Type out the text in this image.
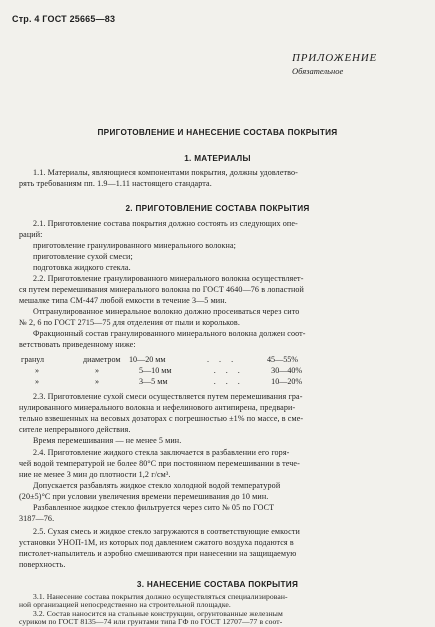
Стр. 4 ГОСТ 25665—83
ПРИЛОЖЕНИЕ
Обязательное
ПРИГОТОВЛЕНИЕ И НАНЕСЕНИЕ СОСТАВА ПОКРЫТИЯ
1. МАТЕРИАЛЫ
1.1. Материалы, являющиеся компонентами покрытия, должны удовлетво-
рять требованиям пп. 1.9—1.11 настоящего стандарта.
2. ПРИГОТОВЛЕНИЕ СОСТАВА ПОКРЫТИЯ
2.1. Приготовление состава покрытия должно состоять из следующих опе-
раций:
приготовление гранулированного минерального волокна;
приготовление сухой смеси;
подготовка жидкого стекла.
2.2. Приготовление гранулированного минерального волокна осуществляет-
ся путем перемешивания минерального волокна по ГОСТ 4640—76 в лопастной
мешалке типа СМ-447 любой емкости в течение 3—5 мин.
Отгранулированное минеральное волокно должно просеиваться через сито
№ 2, 6 по ГОСТ 2715—75 для отделения от пыли и корольков.
Фракционный состав гранулированного минерального волокна должен соот-
ветствовать приведенному ниже:
гранул	диаметром	10—20 мм	. . .	45—55%
»	»	5—10 мм	. . .	30—40%
»	»	3—5 мм	. . .	10—20%
2.3. Приготовление сухой смеси осуществляется путем перемешивания гра-
нулированного минерального волокна и нефелинового антипирена, предвари-
тельно взвешенных на весовых дозаторах с погрешностью ±1% по массе, в сме-
сителе непрерывного действия.
Время перемешивания — не менее 5 мин.
2.4. Приготовление жидкого стекла заключается в разбавлении его горя-
чей водой температурой не более 80°С при постоянном перемешивании в тече-
ние не менее 3 мин до плотности 1,2 г/см³.
Допускается разбавлять жидкое стекло холодной водой температурой
(20±5)°С при условии увеличения времени перемешивания до 10 мин.
Разбавленное жидкое стекло фильтруется через сито № 05 по ГОСТ
3187—76.
2.5. Сухая смесь и жидкое стекло загружаются в соответствующие емкости
установки УНОП-1М, из которых под давлением сжатого воздуха подаются в
пистолет-напылитель и аэробно смешиваются при нанесении на защищаемую
поверхность.
3. НАНЕСЕНИЕ СОСТАВА ПОКРЫТИЯ
3.1. Нанесение состава покрытия должно осуществляться специализирован-
ной организацией непосредственно на строительной площадке.
3.2. Состав наносится на стальные конструкции, огрунтованные железным
суриком по ГОСТ 8135—74 или грунтами типа ГФ по ГОСТ 12707—77 в соот-
